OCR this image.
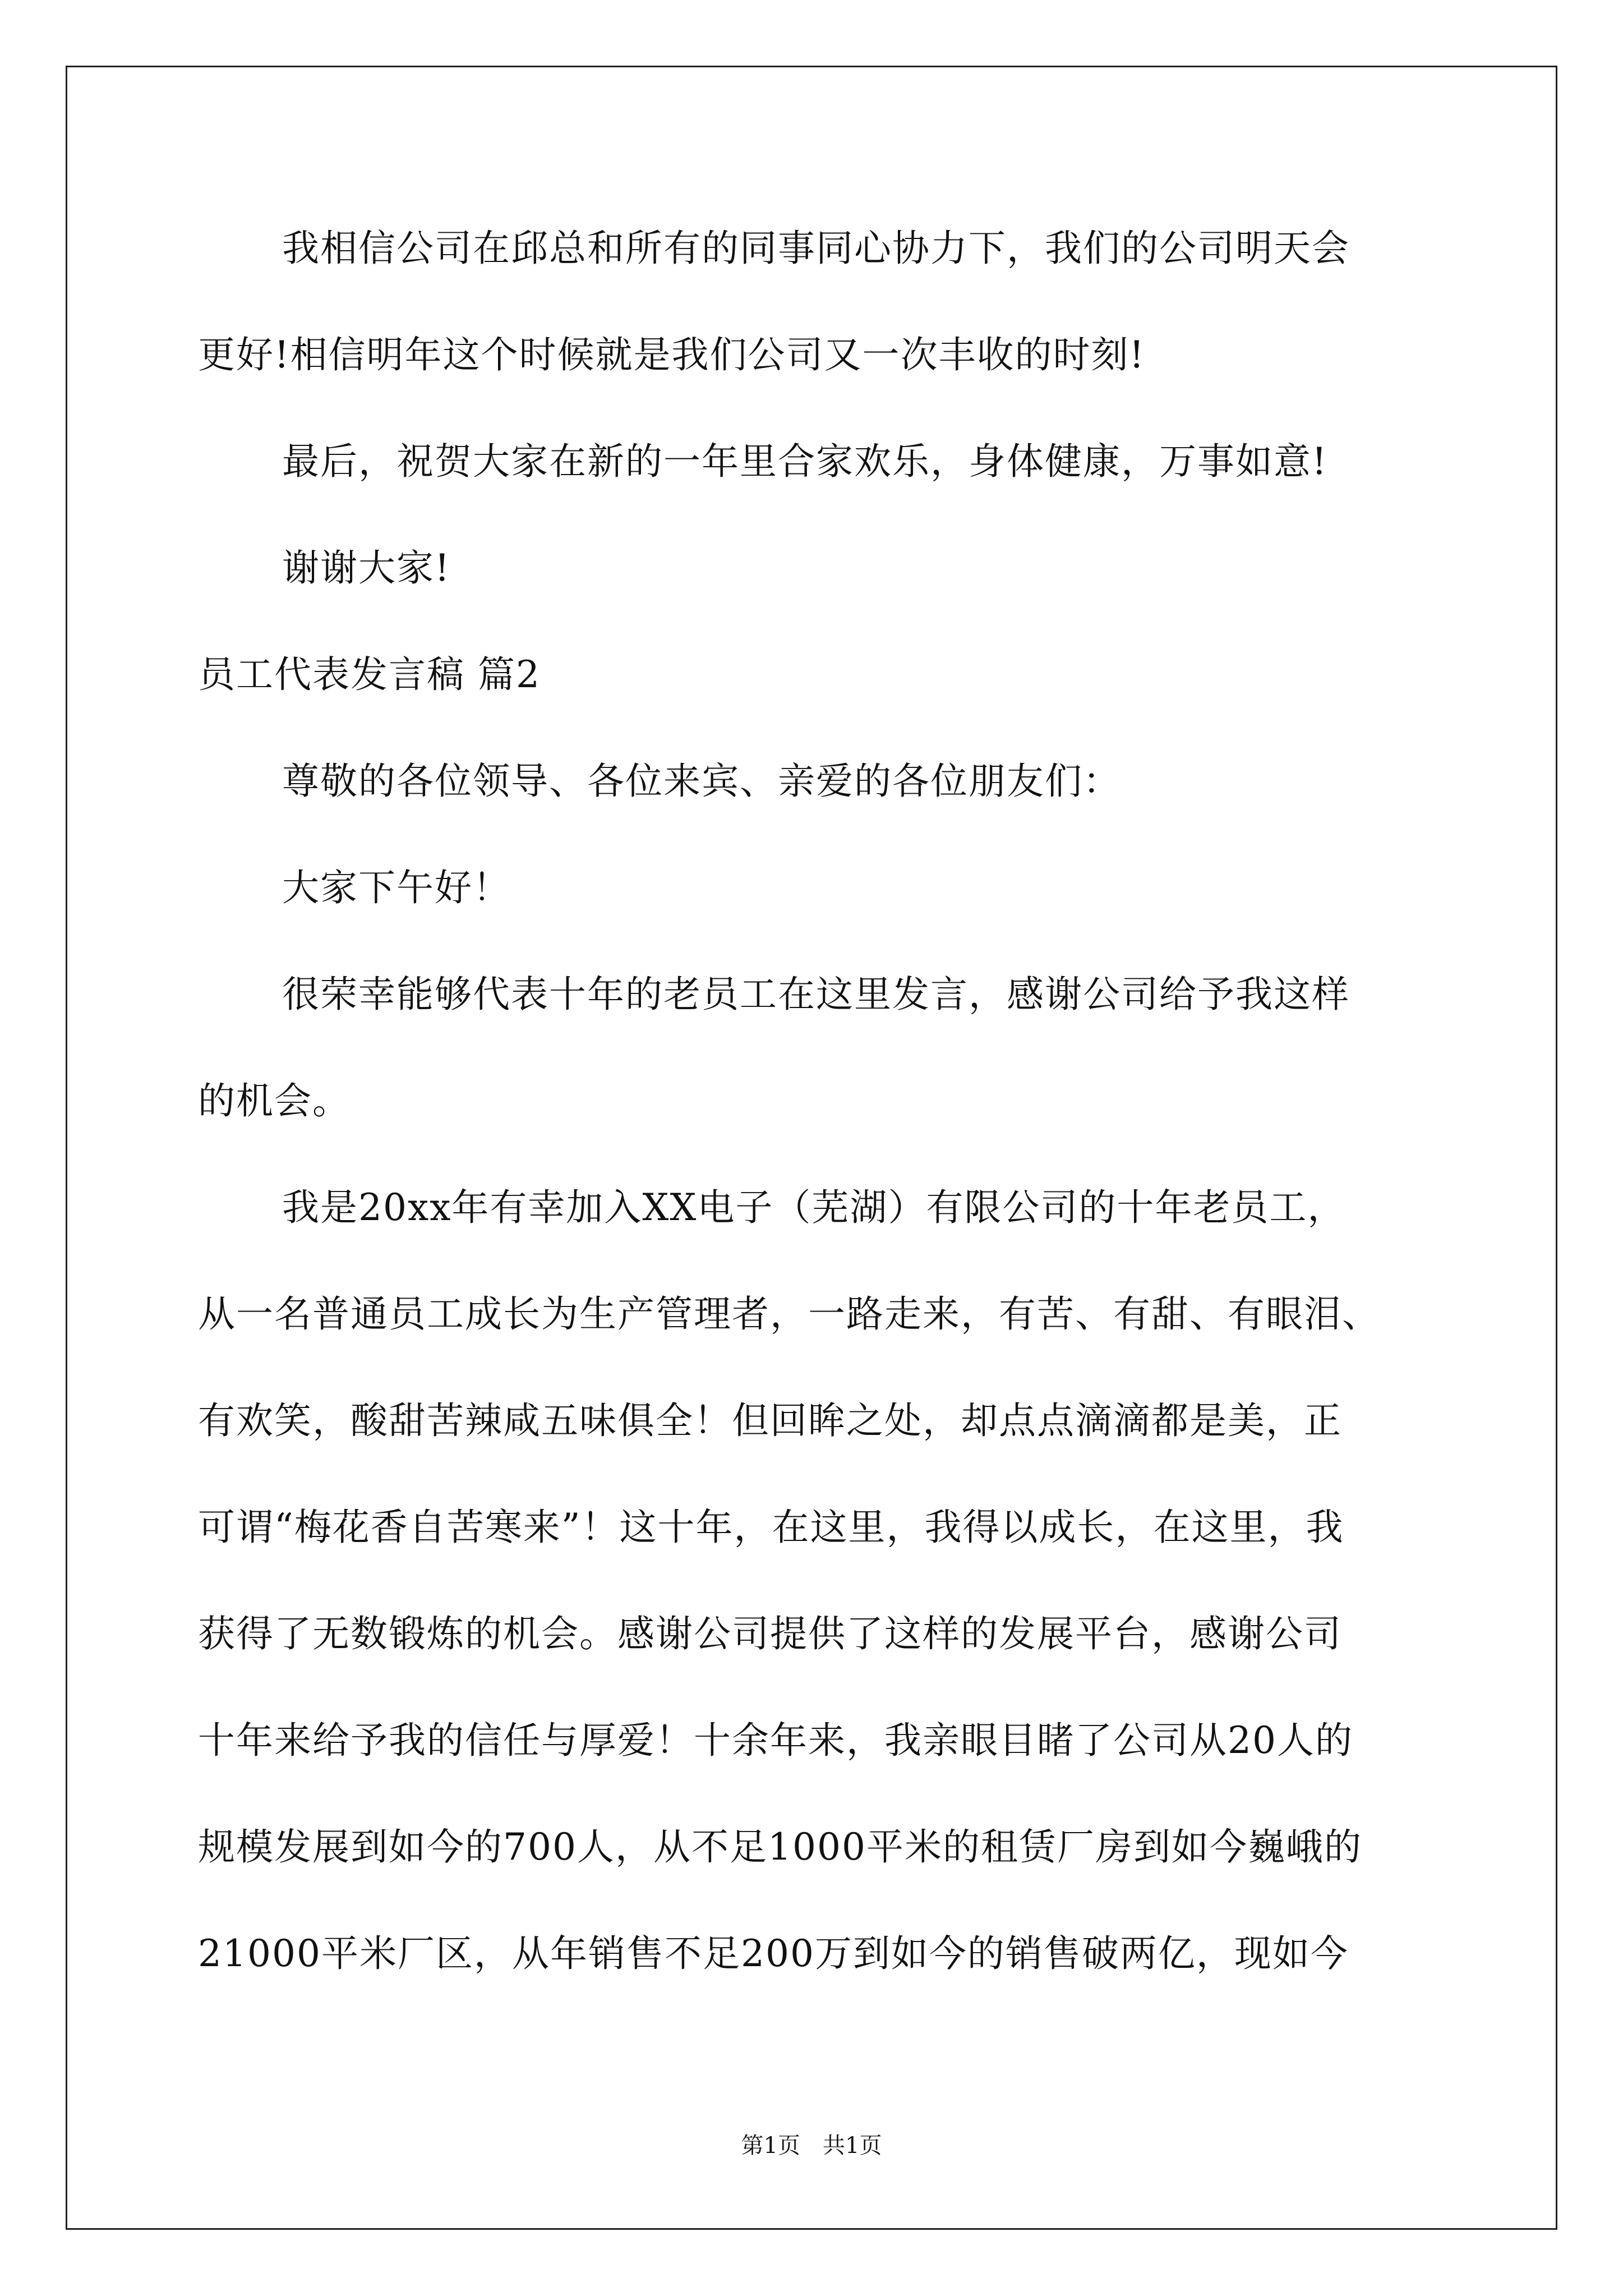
我相信公司在邱总和所有的同事同心协力下，我们的公司明天会
更好!相信明年这个时候就是我们公司又一次丰收的时刻!
最后，祝贺大家在新的一年里合家欢乐，身体健康，万事如意!
谢谢大家!
员工代表发言稿 篇2
尊敬的各位领导、各位来宾、亲爱的各位朋友们：
大家下午好！
很荣幸能够代表十年的老员工在这里发言，感谢公司给予我这样
的机会。
我是20xx年有幸加入XX电子（芜湖）有限公司的十年老员工，
从一名普通员工成长为生产管理者，一路走来，有苦、有甜、有眼泪、
有欢笑，酸甜苦辣咸五味俱全！但回眸之处，却点点滴滴都是美，正
可谓“梅花香自苦寒来”！这十年，在这里，我得以成长，在这里，我
获得了无数锻炼的机会。感谢公司提供了这样的发展平台，感谢公司
十年来给予我的信任与厚爱！十余年来，我亲眼目睹了公司从20人的
规模发展到如今的700人，从不足1000平米的租赁厂房到如今巍峨的
21000平米厂区，从年销售不足200万到如今的销售破两亿，现如今
第1页 共1页
